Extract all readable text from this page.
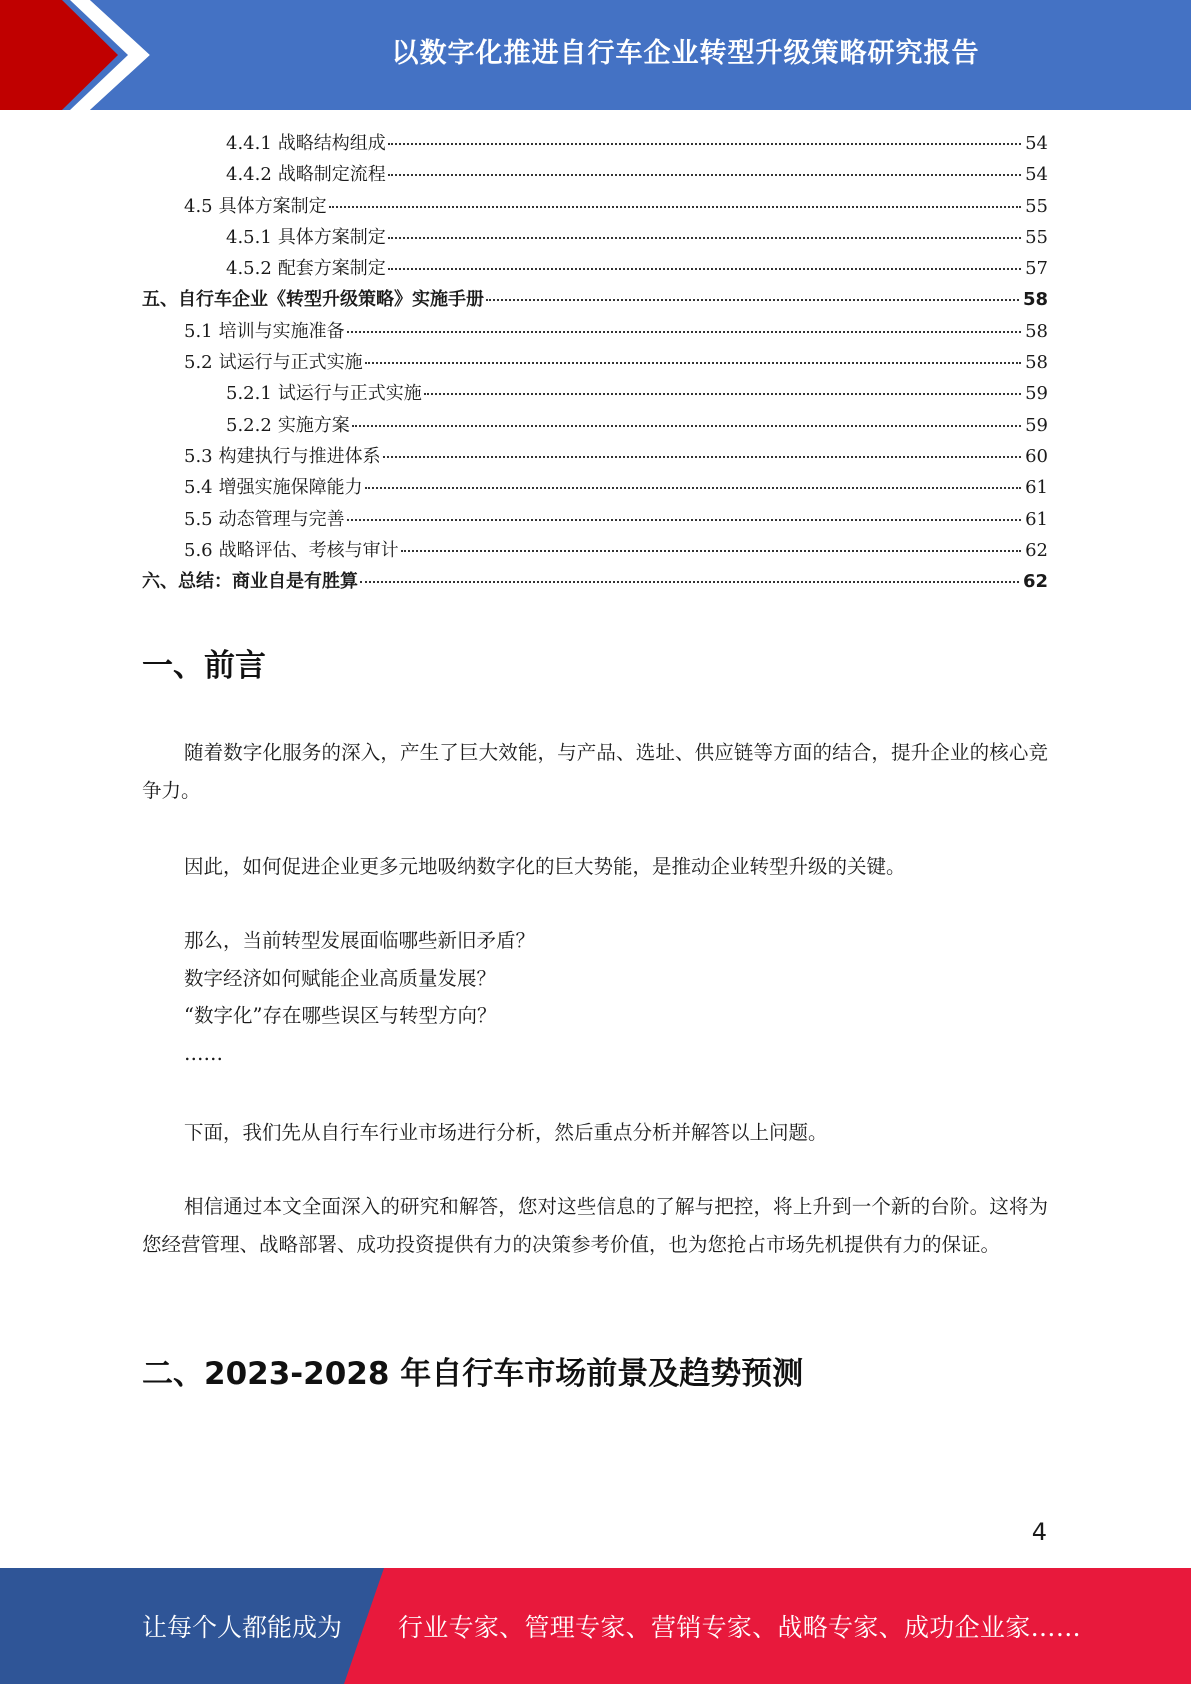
以数字化推进自行车企业转型升级策略研究报告
4.4.1 战略结构组成	54
4.4.2 战略制定流程	54
4.5 具体方案制定	55
4.5.1 具体方案制定	55
4.5.2 配套方案制定	57
五、自行车企业《转型升级策略》实施手册	58
5.1 培训与实施准备	58
5.2 试运行与正式实施	58
5.2.1 试运行与正式实施	59
5.2.2 实施方案	59
5.3 构建执行与推进体系	60
5.4 增强实施保障能力	61
5.5 动态管理与完善	61
5.6 战略评估、考核与审计	62
六、总结：商业自是有胜算	62
一、前言
随着数字化服务的深入，产生了巨大效能，与产品、选址、供应链等方面的结合，提升企业的核心竞争力。
因此，如何促进企业更多元地吸纳数字化的巨大势能，是推动企业转型升级的关键。
那么，当前转型发展面临哪些新旧矛盾？
数字经济如何赋能企业高质量发展？
“数字化”存在哪些误区与转型方向？
……
下面，我们先从自行车行业市场进行分析，然后重点分析并解答以上问题。
相信通过本文全面深入的研究和解答，您对这些信息的了解与把控，将上升到一个新的台阶。这将为您经营管理、战略部署、成功投资提供有力的决策参考价值，也为您抢占市场先机提供有力的保证。
二、2023-2028 年自行车市场前景及趋势预测
4
让每个人都能成为 行业专家、管理专家、营销专家、战略专家、成功企业家……
